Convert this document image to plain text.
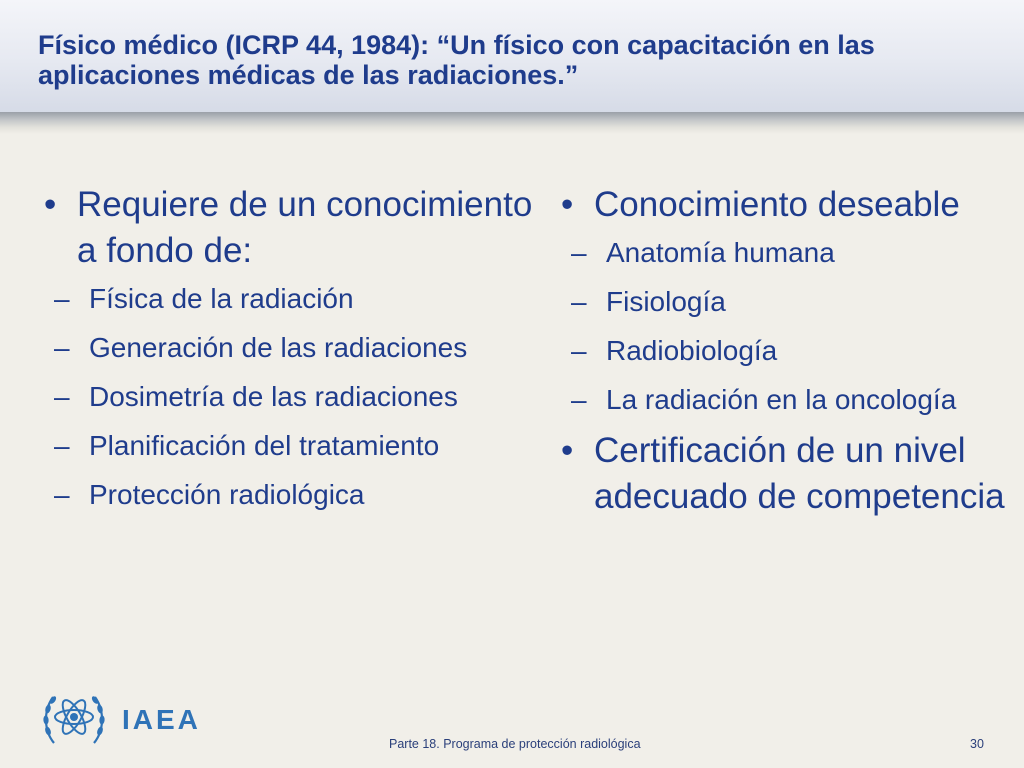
Físico médico (ICRP 44, 1984): “Un físico con capacitación en las aplicaciones médicas de las radiaciones.”
• Requiere de un conocimiento a fondo de:
– Física de la radiación
– Generación de las radiaciones
– Dosimetría de las radiaciones
– Planificación del tratamiento
– Protección radiológica
• Conocimiento deseable
– Anatomía humana
– Fisiología
– Radiobiología
– La radiación en la oncología
• Certificación de un nivel adecuado de competencia

IAEA

Parte 18. Programa de protección radiológica	30
